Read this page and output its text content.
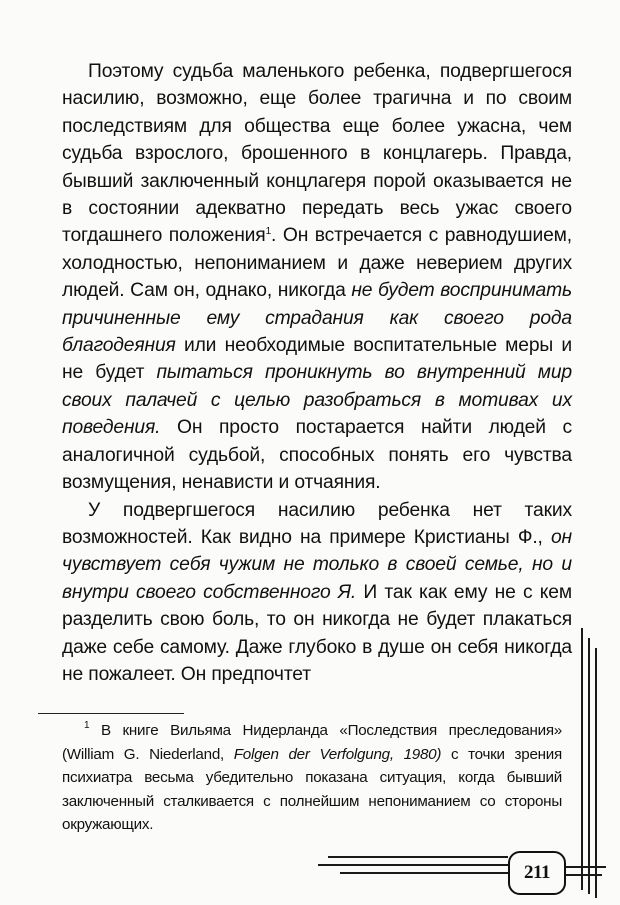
Поэтому судьба маленького ребенка, подвергшегося насилию, возможно, еще более трагична и по своим последствиям для общества еще более ужасна, чем судьба взрослого, брошенного в концлагерь. Правда, бывший заключенный концлагеря порой оказывается не в состоянии адекватно передать весь ужас своего тогдашнего положения$^1$. Он встречается с равнодушием, холодностью, непониманием и даже неверием других людей. Сам он, однако, никогда не будет воспринимать причиненные ему страдания как своего рода благодеяния или необходимые воспитательные меры и не будет пытаться проникнуть во внутренний мир своих палачей с целью разобраться в мотивах их поведения. Он просто постарается найти людей с аналогичной судьбой, способных понять его чувства возмущения, ненависти и отчаяния.

У подвергшегося насилию ребенка нет таких возможностей. Как видно на примере Кристианы Ф., он чувствует себя чужим не только в своей семье, но и внутри своего собственного Я. И так как ему не с кем разделить свою боль, то он никогда не будет плакаться даже себе самому. Даже глубоко в душе он себя никогда не пожалеет. Он предпочтет

$^1$ В книге Вильяма Нидерланда «Последствия преследования» (William G. Niederland, Folgen der Verfolgung, 1980) с точки зрения психиатра весьма убедительно показана ситуация, когда бывший заключенный сталкивается с полнейшим непониманием со стороны окружающих.

211
